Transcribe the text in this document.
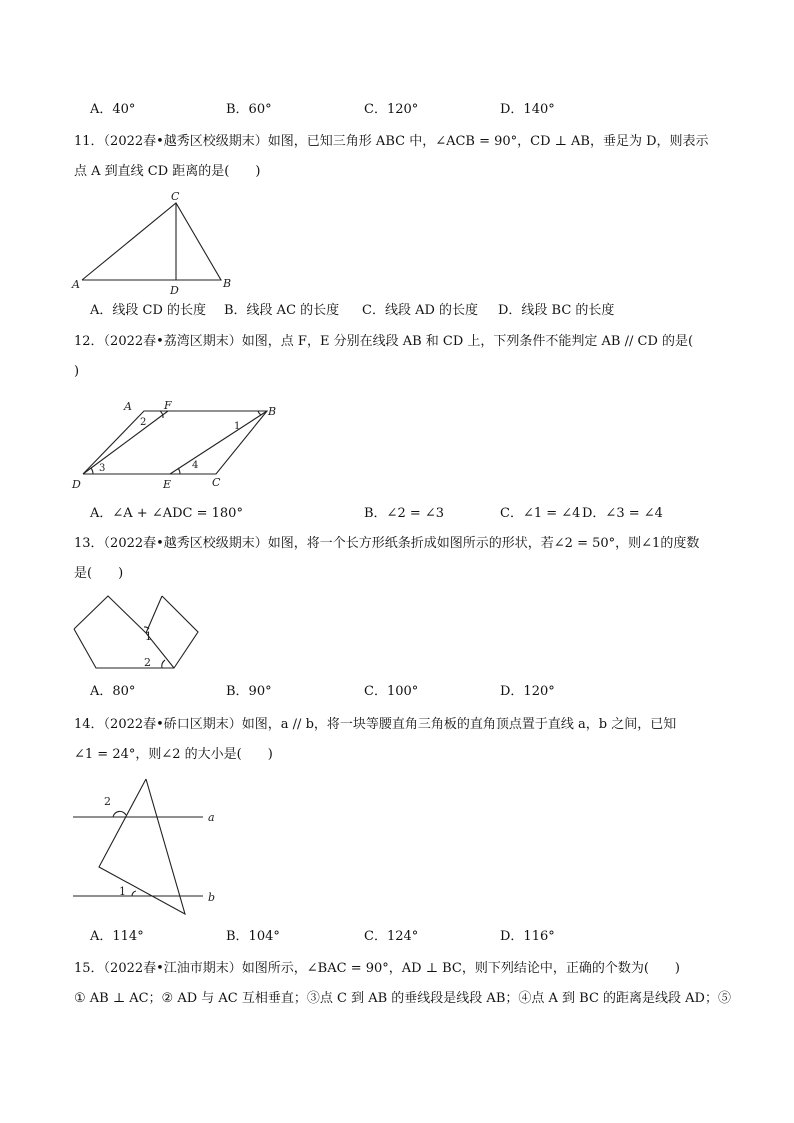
A．40°	B．60°	C．120°	D．140°
11．（2022春•越秀区校级期末）如图，已知三角形 ABC 中，∠ACB = 90°，CD ⊥ AB，垂足为 D，则表示
点 A 到直线 CD 距离的是(　　)
C
A	D
B
A．线段 CD 的长度 B．线段 AC 的长度 C．线段 AD 的长度 D．线段 BC 的长度
12．（2022春•荔湾区期末）如图，点 F，E 分别在线段 AB 和 CD 上，下列条件不能判定 AB // CD 的是(
)
A	F	B
D	E	C
1
2
3	4
A．∠A + ∠ADC = 180°	B．∠2 = ∠3	C．∠1 = ∠4 D．∠3 = ∠4
13．（2022春•越秀区校级期末）如图，将一个长方形纸条折成如图所示的形状，若∠2 = 50°，则∠1的度数
是(　　)
1
2
A．80°	B．90°	C．100°	D．120°
14．（2022春•硚口区期末）如图，a // b，将一块等腰直角三角板的直角顶点置于直线 a，b 之间，已知
∠1 = 24°，则∠2 的大小是(　　)
2
1
a
b
A．114°	B．104°	C．124°	D．116°
15．（2022春•江油市期末）如图所示，∠BAC = 90°，AD ⊥ BC，则下列结论中，正确的个数为(　　)
① AB ⊥ AC；② AD 与 AC 互相垂直；③点 C 到 AB 的垂线段是线段 AB；④点 A 到 BC 的距离是线段 AD；⑤
